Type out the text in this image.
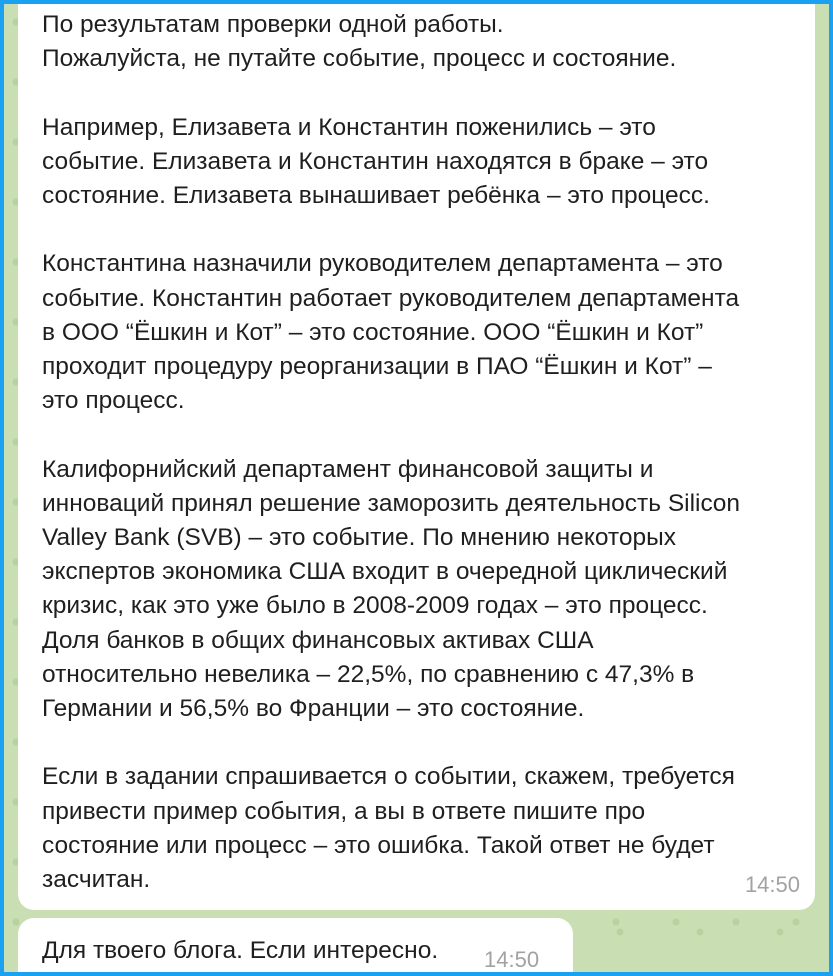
По результатам проверки одной работы.
Пожалуйста, не путайте событие, процесс и состояние.

Например, Елизавета и Константин поженились – это
событие. Елизавета и Константин находятся в браке – это
состояние. Елизавета вынашивает ребёнка – это процесс.

Константина назначили руководителем департамента – это
событие. Константин работает руководителем департамента
в ООО “Ёшкин и Кот” – это состояние. ООО “Ёшкин и Кот”
проходит процедуру реорганизации в ПАО “Ёшкин и Кот” –
это процесс.

Калифорнийский департамент финансовой защиты и
инноваций принял решение заморозить деятельность Silicon
Valley Bank (SVB) – это событие. По мнению некоторых
экспертов экономика США входит в очередной циклический
кризис, как это уже было в 2008-2009 годах – это процесс.
Доля банков в общих финансовых активах США
относительно невелика – 22,5%, по сравнению с 47,3% в
Германии и 56,5% во Франции – это состояние.

Если в задании спрашивается о событии, скажем, требуется
привести пример события, а вы в ответе пишите про
состояние или процесс – это ошибка. Такой ответ не будет
засчитан.	14:50
Для твоего блога. Если интересно. 14:50
